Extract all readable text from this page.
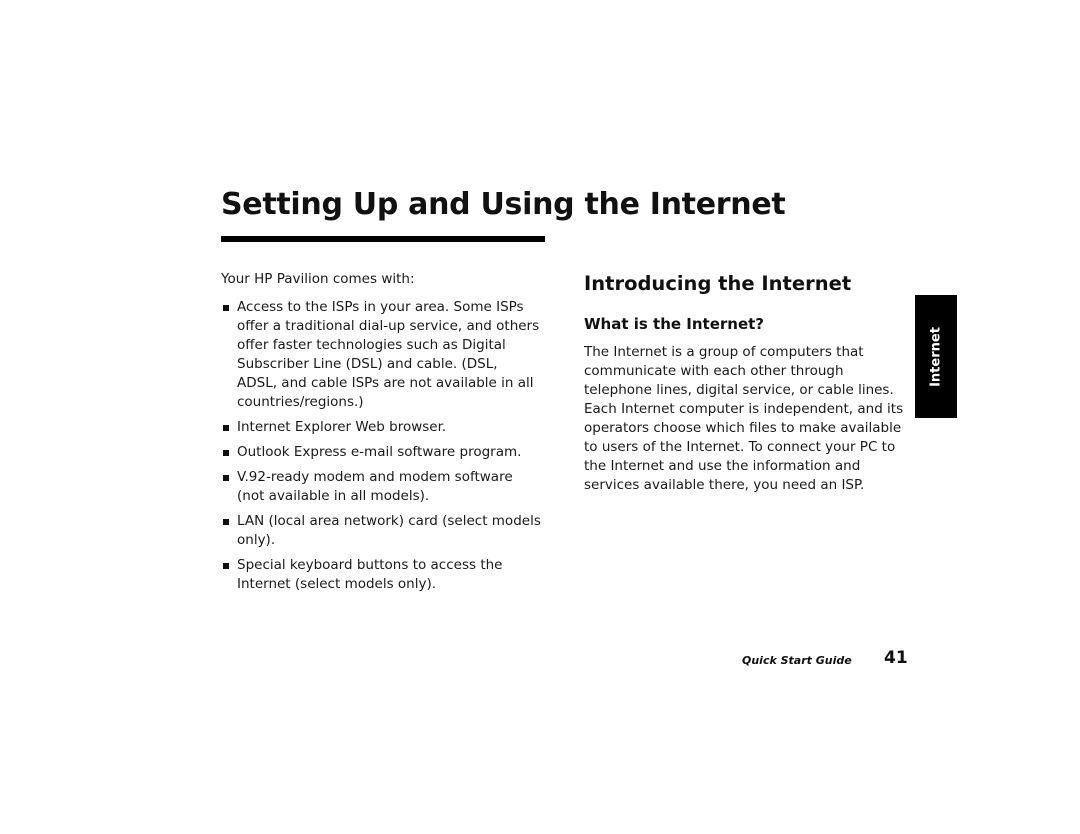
Setting Up and Using the Internet

Your HP Pavilion comes with:

Access to the ISPs in your area. Some ISPs offer a traditional dial-up service, and others offer faster technologies such as Digital Subscriber Line (DSL) and cable. (DSL, ADSL, and cable ISPs are not available in all countries/regions.)
Internet Explorer Web browser.
Outlook Express e-mail software program.
V.92-ready modem and modem software (not available in all models).
LAN (local area network) card (select models only).
Special keyboard buttons to access the Internet (select models only).
Introducing the Internet
What is the Internet?

The Internet is a group of computers that communicate with each other through telephone lines, digital service, or cable lines. Each Internet computer is independent, and its operators choose which files to make available to users of the Internet. To connect your PC to the Internet and use the information and services available there, you need an ISP.

Internet
Quick Start Guide 41
